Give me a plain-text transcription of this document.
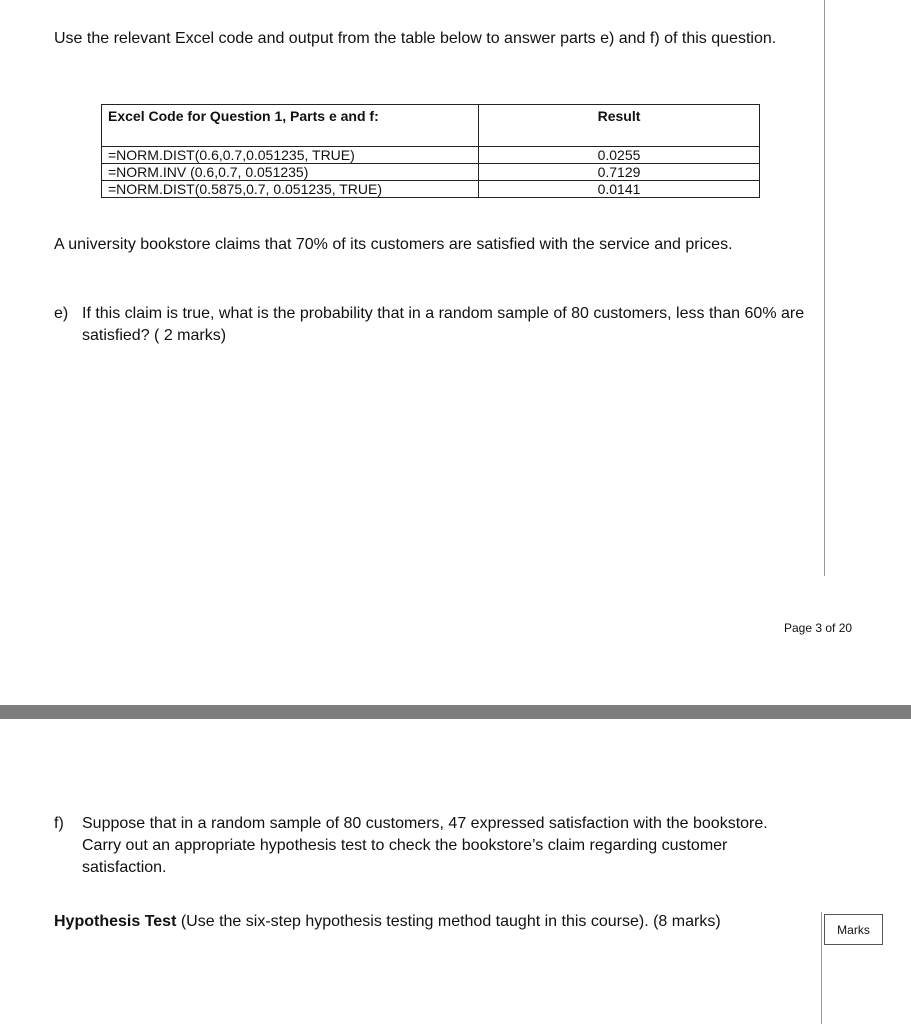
Use the relevant Excel code and output from the table below to answer parts e) and f) of this question.
Excel Code for Question 1, Parts e and f:	Result
=NORM.DIST(0.6,0.7,0.051235, TRUE)	0.0255
=NORM.INV (0.6,0.7, 0.051235)	0.7129
=NORM.DIST(0.5875,0.7, 0.051235, TRUE)	0.0141
A university bookstore claims that 70% of its customers are satisfied with the service and prices.
e) If this claim is true, what is the probability that in a random sample of 80 customers, less than 60% are satisfied? ( 2 marks)
Page 3 of 20
f) Suppose that in a random sample of 80 customers, 47 expressed satisfaction with the bookstore. Carry out an appropriate hypothesis test to check the bookstore’s claim regarding customer satisfaction.
Hypothesis Test (Use the six-step hypothesis testing method taught in this course). (8 marks)	Marks
